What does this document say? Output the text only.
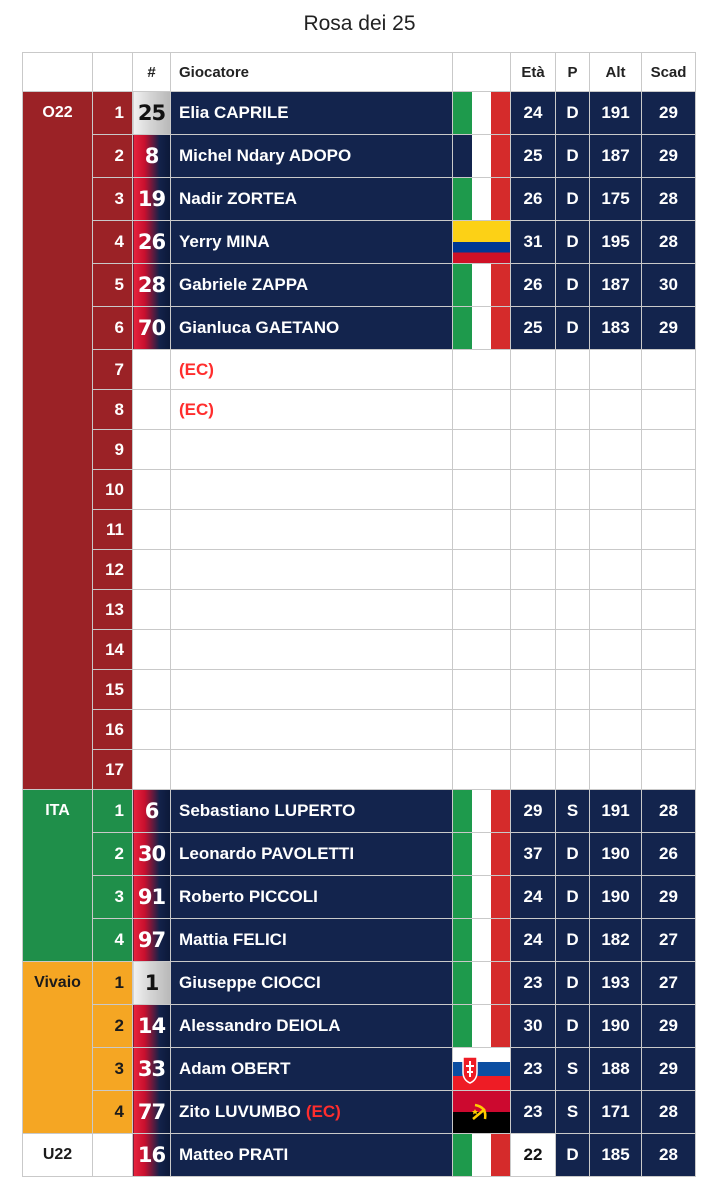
Rosa dei 25
		#	Giocatore		Età	P	Alt	Scad
O22	1	25	Elia CAPRILE		24	D	191	29
	2	8	Michel Ndary ADOPO		25	D	187	29
	3	19	Nadir ZORTEA		26	D	175	28
	4	26	Yerry MINA		31	D	195	28
	5	28	Gabriele ZAPPA		26	D	187	30
	6	70	Gianluca GAETANO		25	D	183	29
	7		(EC)					
	8		(EC)					
	9							
	10							
	11							
	12							
	13							
	14							
	15							
	16							
	17							
ITA	1	6	Sebastiano LUPERTO		29	S	191	28
	2	30	Leonardo PAVOLETTI		37	D	190	26
	3	91	Roberto PICCOLI		24	D	190	29
	4	97	Mattia FELICI		24	D	182	27
Vivaio	1	1	Giuseppe CIOCCI		23	D	193	27
	2	14	Alessandro DEIOLA		30	D	190	29
	3	33	Adam OBERT		23	S	188	29
	4	77	Zito LUVUMBO (EC)		23	S	171	28
U22		16	Matteo PRATI		22	D	185	28
